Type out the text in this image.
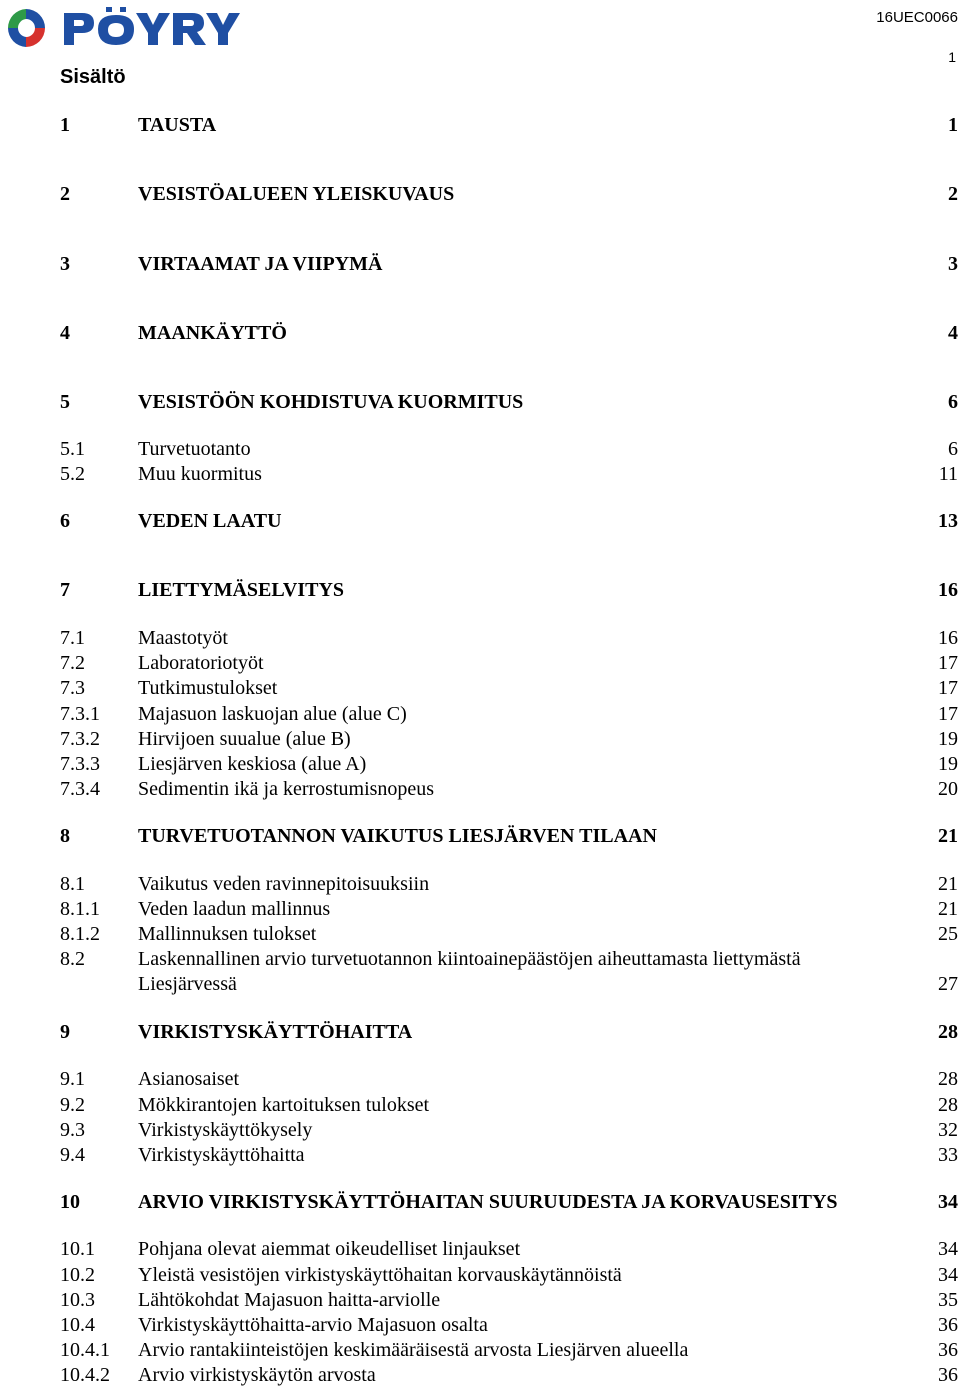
16UEC0066
1
Sisältö
1	TAUSTA	1
2	VESISTÖALUEEN YLEISKUVAUS	2
3	VIRTAAMAT JA VIIPYMÄ	3
4	MAANKÄYTTÖ	4
5	VESISTÖÖN KOHDISTUVA KUORMITUS	6
5.1	Turvetuotanto	6
5.2	Muu kuormitus	11
6	VEDEN LAATU	13
7	LIETTYMÄSELVITYS	16
7.1	Maastotyöt	16
7.2	Laboratoriotyöt	17
7.3	Tutkimustulokset	17
7.3.1 Majasuon laskuojan alue (alue C)	17
7.3.2 Hirvijoen suualue (alue B)	19
7.3.3 Liesjärven keskiosa (alue A)	19
7.3.4 Sedimentin ikä ja kerrostumisnopeus	20
8	TURVETUOTANNON VAIKUTUS LIESJÄRVEN TILAAN	21
8.1	Vaikutus veden ravinnepitoisuuksiin	21
8.1.1 Veden laadun mallinnus	21
8.1.2 Mallinnuksen tulokset	25
8.2	Laskennallinen arvio turvetuotannon kiintoainepäästöjen aiheuttamasta liettymästä Liesjärvessä	27
9	VIRKISTYSKÄYTTÖHAITTA	28
9.1	Asianosaiset	28
9.2	Mökkirantojen kartoituksen tulokset	28
9.3	Virkistyskäyttökysely	32
9.4	Virkistyskäyttöhaitta	33
10	ARVIO VIRKISTYSKÄYTTÖHAITAN SUURUUDESTA JA KORVAUSESITYS	34
10.1 Pohjana olevat aiemmat oikeudelliset linjaukset	34
10.2 Yleistä vesistöjen virkistyskäyttöhaitan korvauskäytännöistä	34
10.3 Lähtökohdat Majasuon haitta-arviolle	35
10.4 Virkistyskäyttöhaitta-arvio Majasuon osalta	36
10.4.1 Arvio rantakiinteistöjen keskimääräisestä arvosta Liesjärven alueella	36
10.4.2 Arvio virkistyskäytön arvosta	36
